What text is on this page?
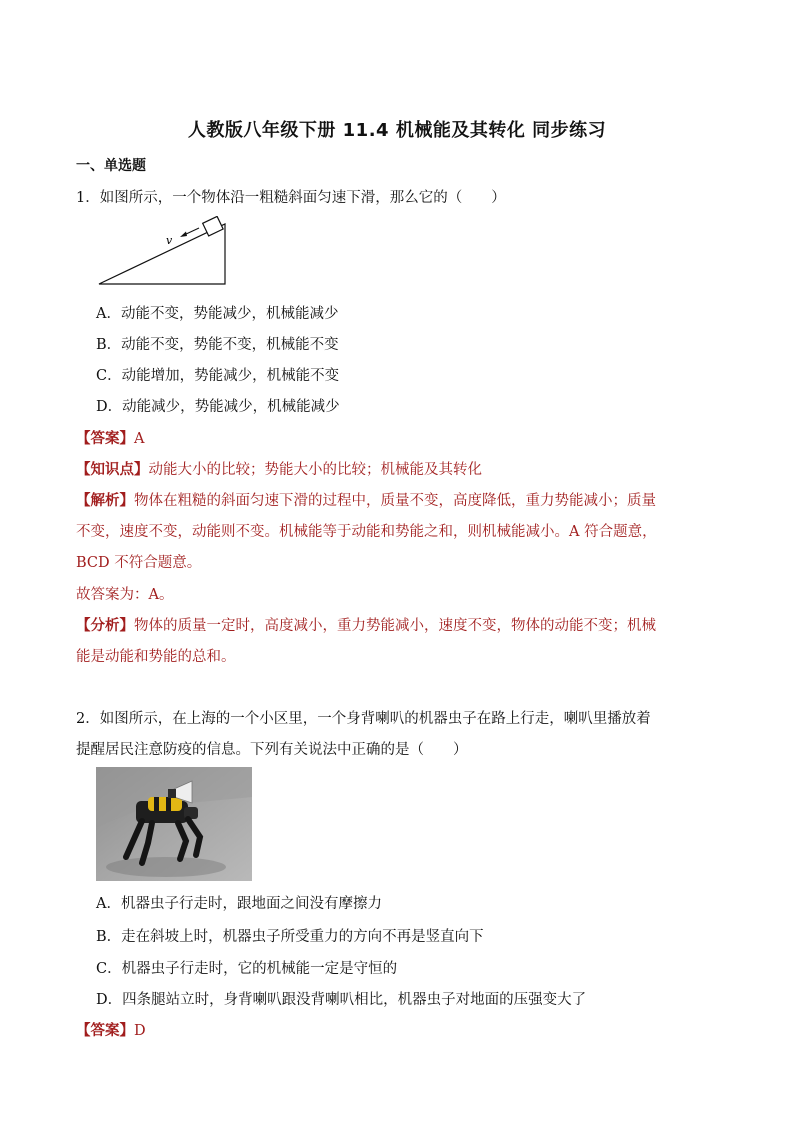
人教版八年级下册 11.4 机械能及其转化 同步练习
一、单选题
1．如图所示，一个物体沿一粗糙斜面匀速下滑，那么它的（　　）
v
A．动能不变，势能减少，机械能减少
B．动能不变，势能不变，机械能不变
C．动能增加，势能减少，机械能不变
D．动能减少，势能减少，机械能减少
【答案】A
【知识点】动能大小的比较；势能大小的比较；机械能及其转化
【解析】物体在粗糙的斜面匀速下滑的过程中，质量不变，高度降低，重力势能减小；质量
不变，速度不变，动能则不变。机械能等于动能和势能之和，则机械能减小。A 符合题意，
BCD 不符合题意。
故答案为：A。
【分析】物体的质量一定时，高度减小，重力势能减小，速度不变，物体的动能不变；机械
能是动能和势能的总和。
2．如图所示，在上海的一个小区里，一个身背喇叭的机器虫子在路上行走，喇叭里播放着
提醒居民注意防疫的信息。下列有关说法中正确的是（　　）
A．机器虫子行走时，跟地面之间没有摩擦力
B．走在斜坡上时，机器虫子所受重力的方向不再是竖直向下
C．机器虫子行走时，它的机械能一定是守恒的
D．四条腿站立时，身背喇叭跟没背喇叭相比，机器虫子对地面的压强变大了
【答案】D
